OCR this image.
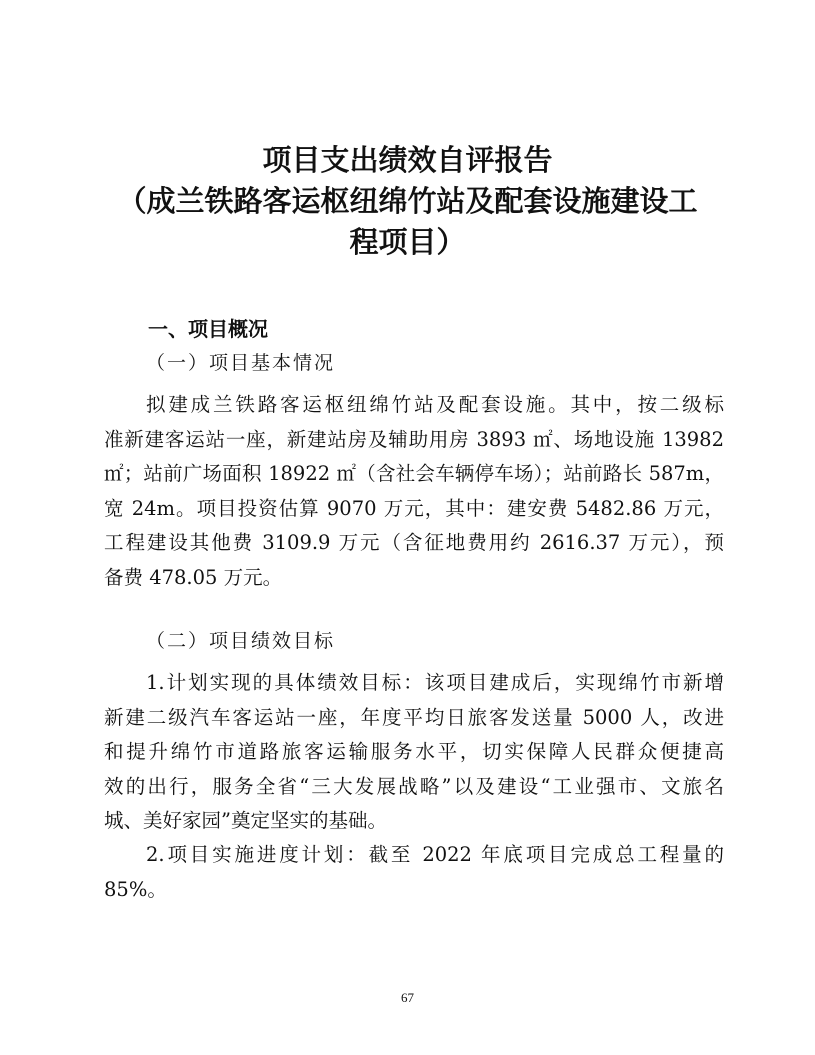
项目支出绩效自评报告
（成兰铁路客运枢纽绵竹站及配套设施建设工
程项目）
一、项目概况
（一）项目基本情况
拟建成兰铁路客运枢纽绵竹站及配套设施。其中，按二级标
准新建客运站一座，新建站房及辅助用房 3893 ㎡、场地设施 13982
㎡；站前广场面积 18922 ㎡（含社会车辆停车场）；站前路长 587m，
宽 24m。项目投资估算 9070 万元，其中：建安费 5482.86 万元，
工程建设其他费 3109.9 万元（含征地费用约 2616.37 万元），预
备费 478.05 万元。
（二）项目绩效目标
1.计划实现的具体绩效目标：该项目建成后，实现绵竹市新增
新建二级汽车客运站一座，年度平均日旅客发送量 5000 人，改进
和提升绵竹市道路旅客运输服务水平，切实保障人民群众便捷高
效的出行，服务全省“三大发展战略”以及建设“工业强市、文旅名
城、美好家园”奠定坚实的基础。
2.项目实施进度计划：截至 2022 年底项目完成总工程量的
85%。
67
